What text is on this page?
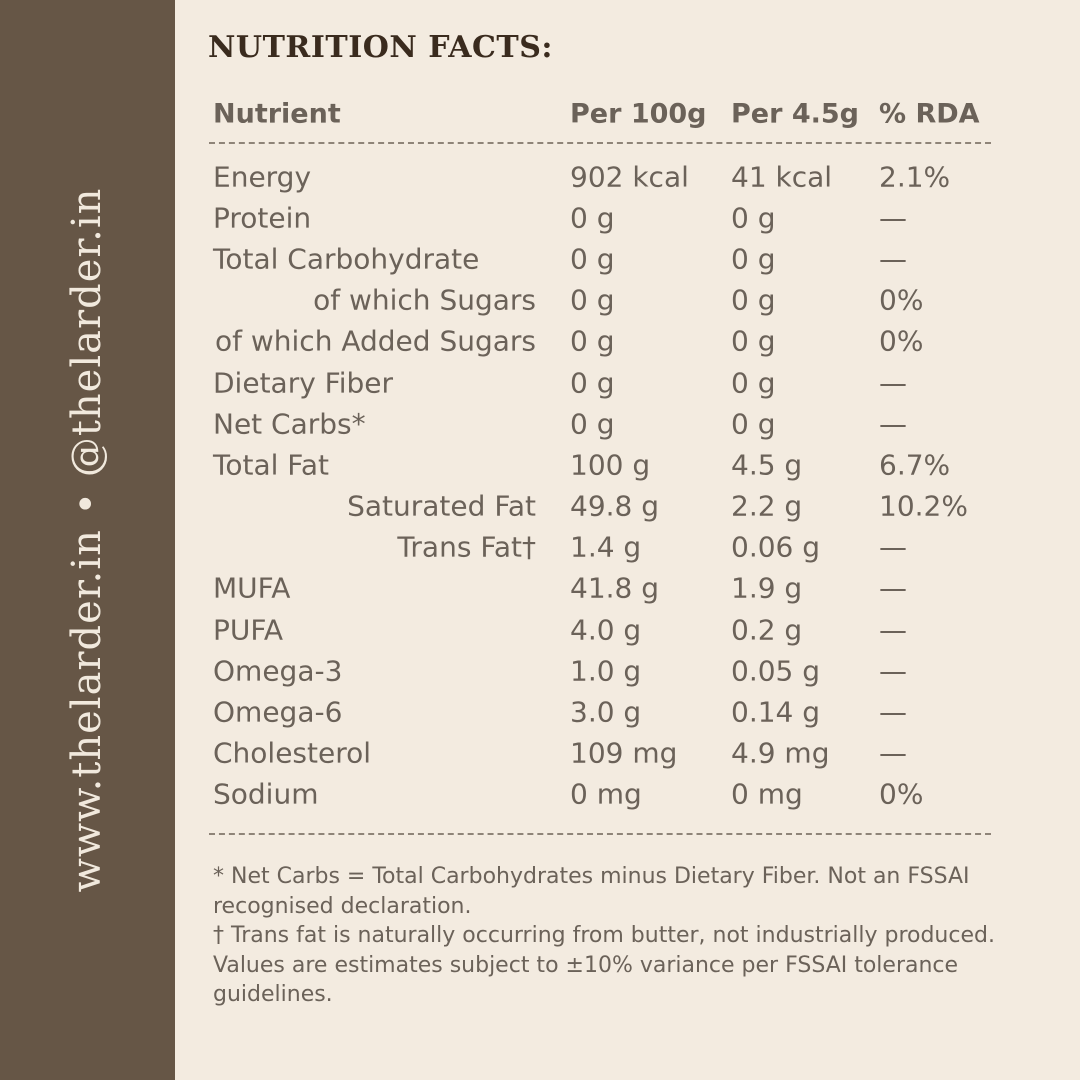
www.thelarder.in • @thelarder.in
NUTRITION FACTS:
Nutrient	Per 100g Per 4.5g % RDA
Energy	902 kcal 41 kcal 2.1%
Protein	0 g	0 g	—
Total Carbohydrate	0 g	0 g	—
of which Sugars 0 g	0 g	0%
of which Added Sugars 0 g	0 g	0%
Dietary Fiber	0 g	0 g	—
Net Carbs*	0 g	0 g	—
Total Fat	100 g	4.5 g	6.7%
Saturated Fat 49.8 g	2.2 g	10.2%
Trans Fat† 1.4 g	0.06 g —
MUFA	41.8 g	1.9 g	—
PUFA	4.0 g	0.2 g	—
Omega-3	1.0 g	0.05 g —
Omega-6	3.0 g	0.14 g —
Cholesterol	109 mg 4.9 mg —
Sodium	0 mg	0 mg	0%

* Net Carbs = Total Carbohydrates minus Dietary Fiber. Not an FSSAI recognised declaration.

† Trans fat is naturally occurring from butter, not industrially produced.

Values are estimates subject to ±10% variance per FSSAI tolerance guidelines.
